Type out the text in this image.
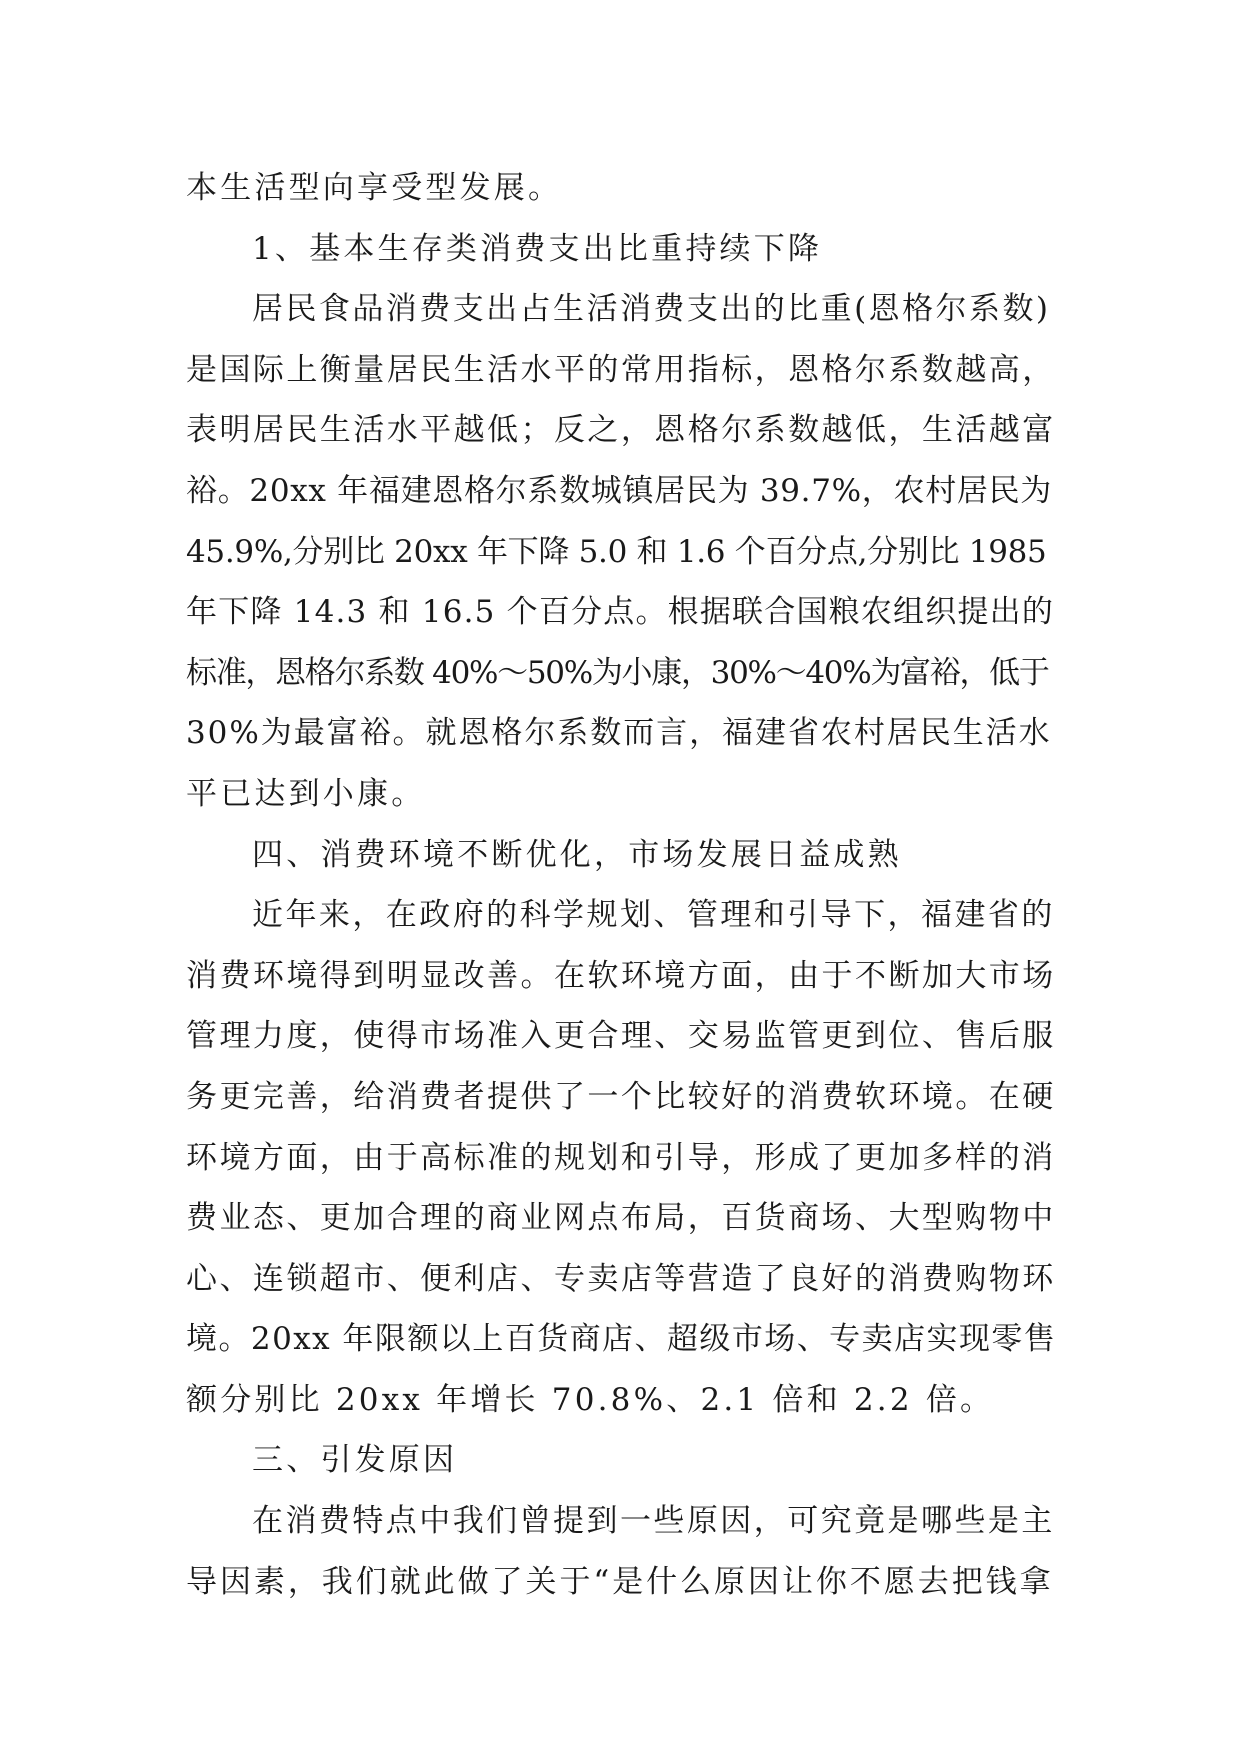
本生活型向享受型发展。
1、基本生存类消费支出比重持续下降
居民食品消费支出占生活消费支出的比重(恩格尔系数)
是国际上衡量居民生活水平的常用指标，恩格尔系数越高，
表明居民生活水平越低；反之，恩格尔系数越低，生活越富
裕。20xx 年福建恩格尔系数城镇居民为 39.7%，农村居民为
45.9%,分别比 20xx 年下降 5.0 和 1.6 个百分点,分别比 1985
年下降 14.3 和 16.5 个百分点。根据联合国粮农组织提出的
标准，恩格尔系数 40%～50%为小康，30%～40%为富裕，低于
30%为最富裕。就恩格尔系数而言，福建省农村居民生活水
平已达到小康。
四、消费环境不断优化，市场发展日益成熟
近年来，在政府的科学规划、管理和引导下，福建省的
消费环境得到明显改善。在软环境方面，由于不断加大市场
管理力度，使得市场准入更合理、交易监管更到位、售后服
务更完善，给消费者提供了一个比较好的消费软环境。在硬
环境方面，由于高标准的规划和引导，形成了更加多样的消
费业态、更加合理的商业网点布局，百货商场、大型购物中
心、连锁超市、便利店、专卖店等营造了良好的消费购物环
境。20xx 年限额以上百货商店、超级市场、专卖店实现零售
额分别比 20xx 年增长 70.8%、2.1 倍和 2.2 倍。
三、引发原因
在消费特点中我们曾提到一些原因，可究竟是哪些是主
导因素，我们就此做了关于“是什么原因让你不愿去把钱拿
